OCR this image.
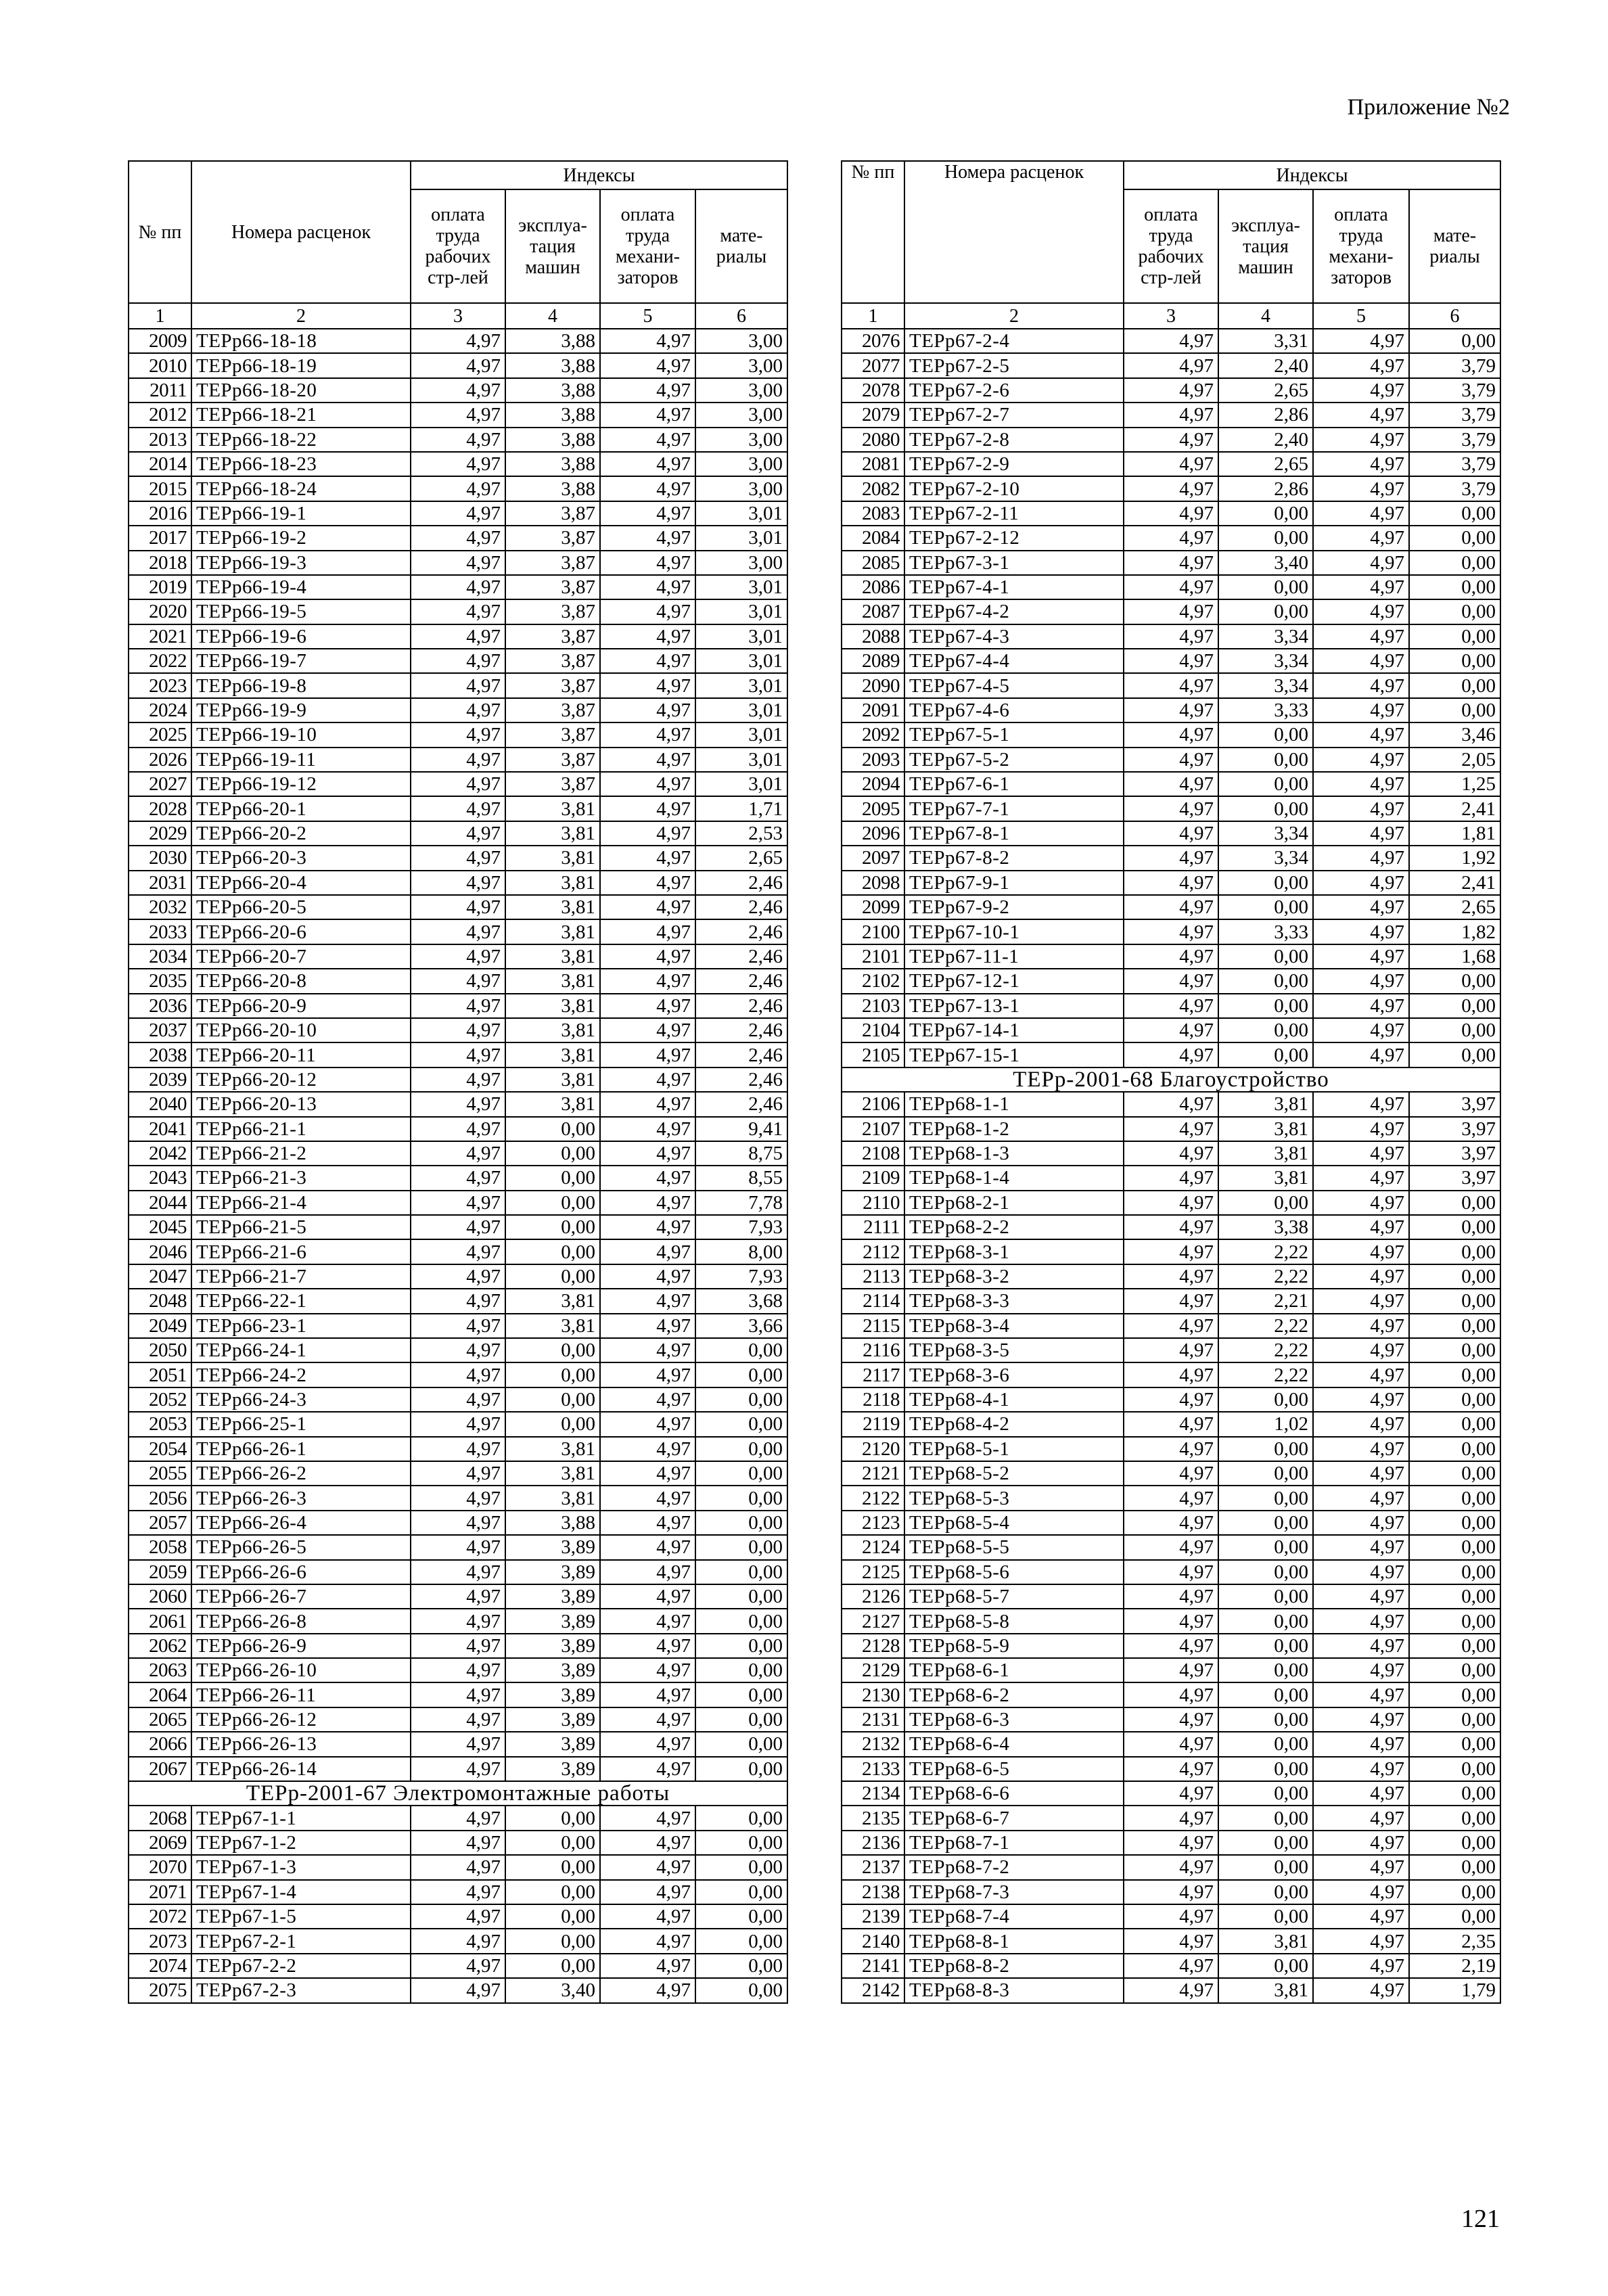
Приложение №2
№ пп	Номера расценок	Индексы			
		оплата труда рабочих стр-лей	эксплуа-тация машин	оплата труда механи-заторов	мате-риалы
1	2	3	4	5	6
2009	ТЕРр66-18-18	4,97	3,88	4,97	3,00
2010	ТЕРр66-18-19	4,97	3,88	4,97	3,00
2011	ТЕРр66-18-20	4,97	3,88	4,97	3,00
2012	ТЕРр66-18-21	4,97	3,88	4,97	3,00
2013	ТЕРр66-18-22	4,97	3,88	4,97	3,00
2014	ТЕРр66-18-23	4,97	3,88	4,97	3,00
2015	ТЕРр66-18-24	4,97	3,88	4,97	3,00
2016	ТЕРр66-19-1	4,97	3,87	4,97	3,01
2017	ТЕРр66-19-2	4,97	3,87	4,97	3,01
2018	ТЕРр66-19-3	4,97	3,87	4,97	3,00
2019	ТЕРр66-19-4	4,97	3,87	4,97	3,01
2020	ТЕРр66-19-5	4,97	3,87	4,97	3,01
2021	ТЕРр66-19-6	4,97	3,87	4,97	3,01
2022	ТЕРр66-19-7	4,97	3,87	4,97	3,01
2023	ТЕРр66-19-8	4,97	3,87	4,97	3,01
2024	ТЕРр66-19-9	4,97	3,87	4,97	3,01
2025	ТЕРр66-19-10	4,97	3,87	4,97	3,01
2026	ТЕРр66-19-11	4,97	3,87	4,97	3,01
2027	ТЕРр66-19-12	4,97	3,87	4,97	3,01
2028	ТЕРр66-20-1	4,97	3,81	4,97	1,71
2029	ТЕРр66-20-2	4,97	3,81	4,97	2,53
2030	ТЕРр66-20-3	4,97	3,81	4,97	2,65
2031	ТЕРр66-20-4	4,97	3,81	4,97	2,46
2032	ТЕРр66-20-5	4,97	3,81	4,97	2,46
2033	ТЕРр66-20-6	4,97	3,81	4,97	2,46
2034	ТЕРр66-20-7	4,97	3,81	4,97	2,46
2035	ТЕРр66-20-8	4,97	3,81	4,97	2,46
2036	ТЕРр66-20-9	4,97	3,81	4,97	2,46
2037	ТЕРр66-20-10	4,97	3,81	4,97	2,46
2038	ТЕРр66-20-11	4,97	3,81	4,97	2,46
2039	ТЕРр66-20-12	4,97	3,81	4,97	2,46
2040	ТЕРр66-20-13	4,97	3,81	4,97	2,46
2041	ТЕРр66-21-1	4,97	0,00	4,97	9,41
2042	ТЕРр66-21-2	4,97	0,00	4,97	8,75
2043	ТЕРр66-21-3	4,97	0,00	4,97	8,55
2044	ТЕРр66-21-4	4,97	0,00	4,97	7,78
2045	ТЕРр66-21-5	4,97	0,00	4,97	7,93
2046	ТЕРр66-21-6	4,97	0,00	4,97	8,00
2047	ТЕРр66-21-7	4,97	0,00	4,97	7,93
2048	ТЕРр66-22-1	4,97	3,81	4,97	3,68
2049	ТЕРр66-23-1	4,97	3,81	4,97	3,66
2050	ТЕРр66-24-1	4,97	0,00	4,97	0,00
2051	ТЕРр66-24-2	4,97	0,00	4,97	0,00
2052	ТЕРр66-24-3	4,97	0,00	4,97	0,00
2053	ТЕРр66-25-1	4,97	0,00	4,97	0,00
2054	ТЕРр66-26-1	4,97	3,81	4,97	0,00
2055	ТЕРр66-26-2	4,97	3,81	4,97	0,00
2056	ТЕРр66-26-3	4,97	3,81	4,97	0,00
2057	ТЕРр66-26-4	4,97	3,88	4,97	0,00
2058	ТЕРр66-26-5	4,97	3,89	4,97	0,00
2059	ТЕРр66-26-6	4,97	3,89	4,97	0,00
2060	ТЕРр66-26-7	4,97	3,89	4,97	0,00
2061	ТЕРр66-26-8	4,97	3,89	4,97	0,00
2062	ТЕРр66-26-9	4,97	3,89	4,97	0,00
2063	ТЕРр66-26-10	4,97	3,89	4,97	0,00
2064	ТЕРр66-26-11	4,97	3,89	4,97	0,00
2065	ТЕРр66-26-12	4,97	3,89	4,97	0,00
2066	ТЕРр66-26-13	4,97	3,89	4,97	0,00
2067	ТЕРр66-26-14	4,97	3,89	4,97	0,00
ТЕРр-2001-67 Электромонтажные работы					
2068	ТЕРр67-1-1	4,97	0,00	4,97	0,00
2069	ТЕРр67-1-2	4,97	0,00	4,97	0,00
2070	ТЕРр67-1-3	4,97	0,00	4,97	0,00
2071	ТЕРр67-1-4	4,97	0,00	4,97	0,00
2072	ТЕРр67-1-5	4,97	0,00	4,97	0,00
2073	ТЕРр67-2-1	4,97	0,00	4,97	0,00
2074	ТЕРр67-2-2	4,97	0,00	4,97	0,00
2075	ТЕРр67-2-3	4,97	3,40	4,97	0,00
№ пп	Номера расценок	Индексы			
		оплата труда рабочих стр-лей	эксплуа-тация машин	оплата труда механи-заторов	мате-риалы
1	2	3	4	5	6
2076	ТЕРр67-2-4	4,97	3,31	4,97	0,00
2077	ТЕРр67-2-5	4,97	2,40	4,97	3,79
2078	ТЕРр67-2-6	4,97	2,65	4,97	3,79
2079	ТЕРр67-2-7	4,97	2,86	4,97	3,79
2080	ТЕРр67-2-8	4,97	2,40	4,97	3,79
2081	ТЕРр67-2-9	4,97	2,65	4,97	3,79
2082	ТЕРр67-2-10	4,97	2,86	4,97	3,79
2083	ТЕРр67-2-11	4,97	0,00	4,97	0,00
2084	ТЕРр67-2-12	4,97	0,00	4,97	0,00
2085	ТЕРр67-3-1	4,97	3,40	4,97	0,00
2086	ТЕРр67-4-1	4,97	0,00	4,97	0,00
2087	ТЕРр67-4-2	4,97	0,00	4,97	0,00
2088	ТЕРр67-4-3	4,97	3,34	4,97	0,00
2089	ТЕРр67-4-4	4,97	3,34	4,97	0,00
2090	ТЕРр67-4-5	4,97	3,34	4,97	0,00
2091	ТЕРр67-4-6	4,97	3,33	4,97	0,00
2092	ТЕРр67-5-1	4,97	0,00	4,97	3,46
2093	ТЕРр67-5-2	4,97	0,00	4,97	2,05
2094	ТЕРр67-6-1	4,97	0,00	4,97	1,25
2095	ТЕРр67-7-1	4,97	0,00	4,97	2,41
2096	ТЕРр67-8-1	4,97	3,34	4,97	1,81
2097	ТЕРр67-8-2	4,97	3,34	4,97	1,92
2098	ТЕРр67-9-1	4,97	0,00	4,97	2,41
2099	ТЕРр67-9-2	4,97	0,00	4,97	2,65
2100	ТЕРр67-10-1	4,97	3,33	4,97	1,82
2101	ТЕРр67-11-1	4,97	0,00	4,97	1,68
2102	ТЕРр67-12-1	4,97	0,00	4,97	0,00
2103	ТЕРр67-13-1	4,97	0,00	4,97	0,00
2104	ТЕРр67-14-1	4,97	0,00	4,97	0,00
2105	ТЕРр67-15-1	4,97	0,00	4,97	0,00
ТЕРр-2001-68 Благоустройство					
2106	ТЕРр68-1-1	4,97	3,81	4,97	3,97
2107	ТЕРр68-1-2	4,97	3,81	4,97	3,97
2108	ТЕРр68-1-3	4,97	3,81	4,97	3,97
2109	ТЕРр68-1-4	4,97	3,81	4,97	3,97
2110	ТЕРр68-2-1	4,97	0,00	4,97	0,00
2111	ТЕРр68-2-2	4,97	3,38	4,97	0,00
2112	ТЕРр68-3-1	4,97	2,22	4,97	0,00
2113	ТЕРр68-3-2	4,97	2,22	4,97	0,00
2114	ТЕРр68-3-3	4,97	2,21	4,97	0,00
2115	ТЕРр68-3-4	4,97	2,22	4,97	0,00
2116	ТЕРр68-3-5	4,97	2,22	4,97	0,00
2117	ТЕРр68-3-6	4,97	2,22	4,97	0,00
2118	ТЕРр68-4-1	4,97	0,00	4,97	0,00
2119	ТЕРр68-4-2	4,97	1,02	4,97	0,00
2120	ТЕРр68-5-1	4,97	0,00	4,97	0,00
2121	ТЕРр68-5-2	4,97	0,00	4,97	0,00
2122	ТЕРр68-5-3	4,97	0,00	4,97	0,00
2123	ТЕРр68-5-4	4,97	0,00	4,97	0,00
2124	ТЕРр68-5-5	4,97	0,00	4,97	0,00
2125	ТЕРр68-5-6	4,97	0,00	4,97	0,00
2126	ТЕРр68-5-7	4,97	0,00	4,97	0,00
2127	ТЕРр68-5-8	4,97	0,00	4,97	0,00
2128	ТЕРр68-5-9	4,97	0,00	4,97	0,00
2129	ТЕРр68-6-1	4,97	0,00	4,97	0,00
2130	ТЕРр68-6-2	4,97	0,00	4,97	0,00
2131	ТЕРр68-6-3	4,97	0,00	4,97	0,00
2132	ТЕРр68-6-4	4,97	0,00	4,97	0,00
2133	ТЕРр68-6-5	4,97	0,00	4,97	0,00
2134	ТЕРр68-6-6	4,97	0,00	4,97	0,00
2135	ТЕРр68-6-7	4,97	0,00	4,97	0,00
2136	ТЕРр68-7-1	4,97	0,00	4,97	0,00
2137	ТЕРр68-7-2	4,97	0,00	4,97	0,00
2138	ТЕРр68-7-3	4,97	0,00	4,97	0,00
2139	ТЕРр68-7-4	4,97	0,00	4,97	0,00
2140	ТЕРр68-8-1	4,97	3,81	4,97	2,35
2141	ТЕРр68-8-2	4,97	0,00	4,97	2,19
2142	ТЕРр68-8-3	4,97	3,81	4,97	1,79
121
